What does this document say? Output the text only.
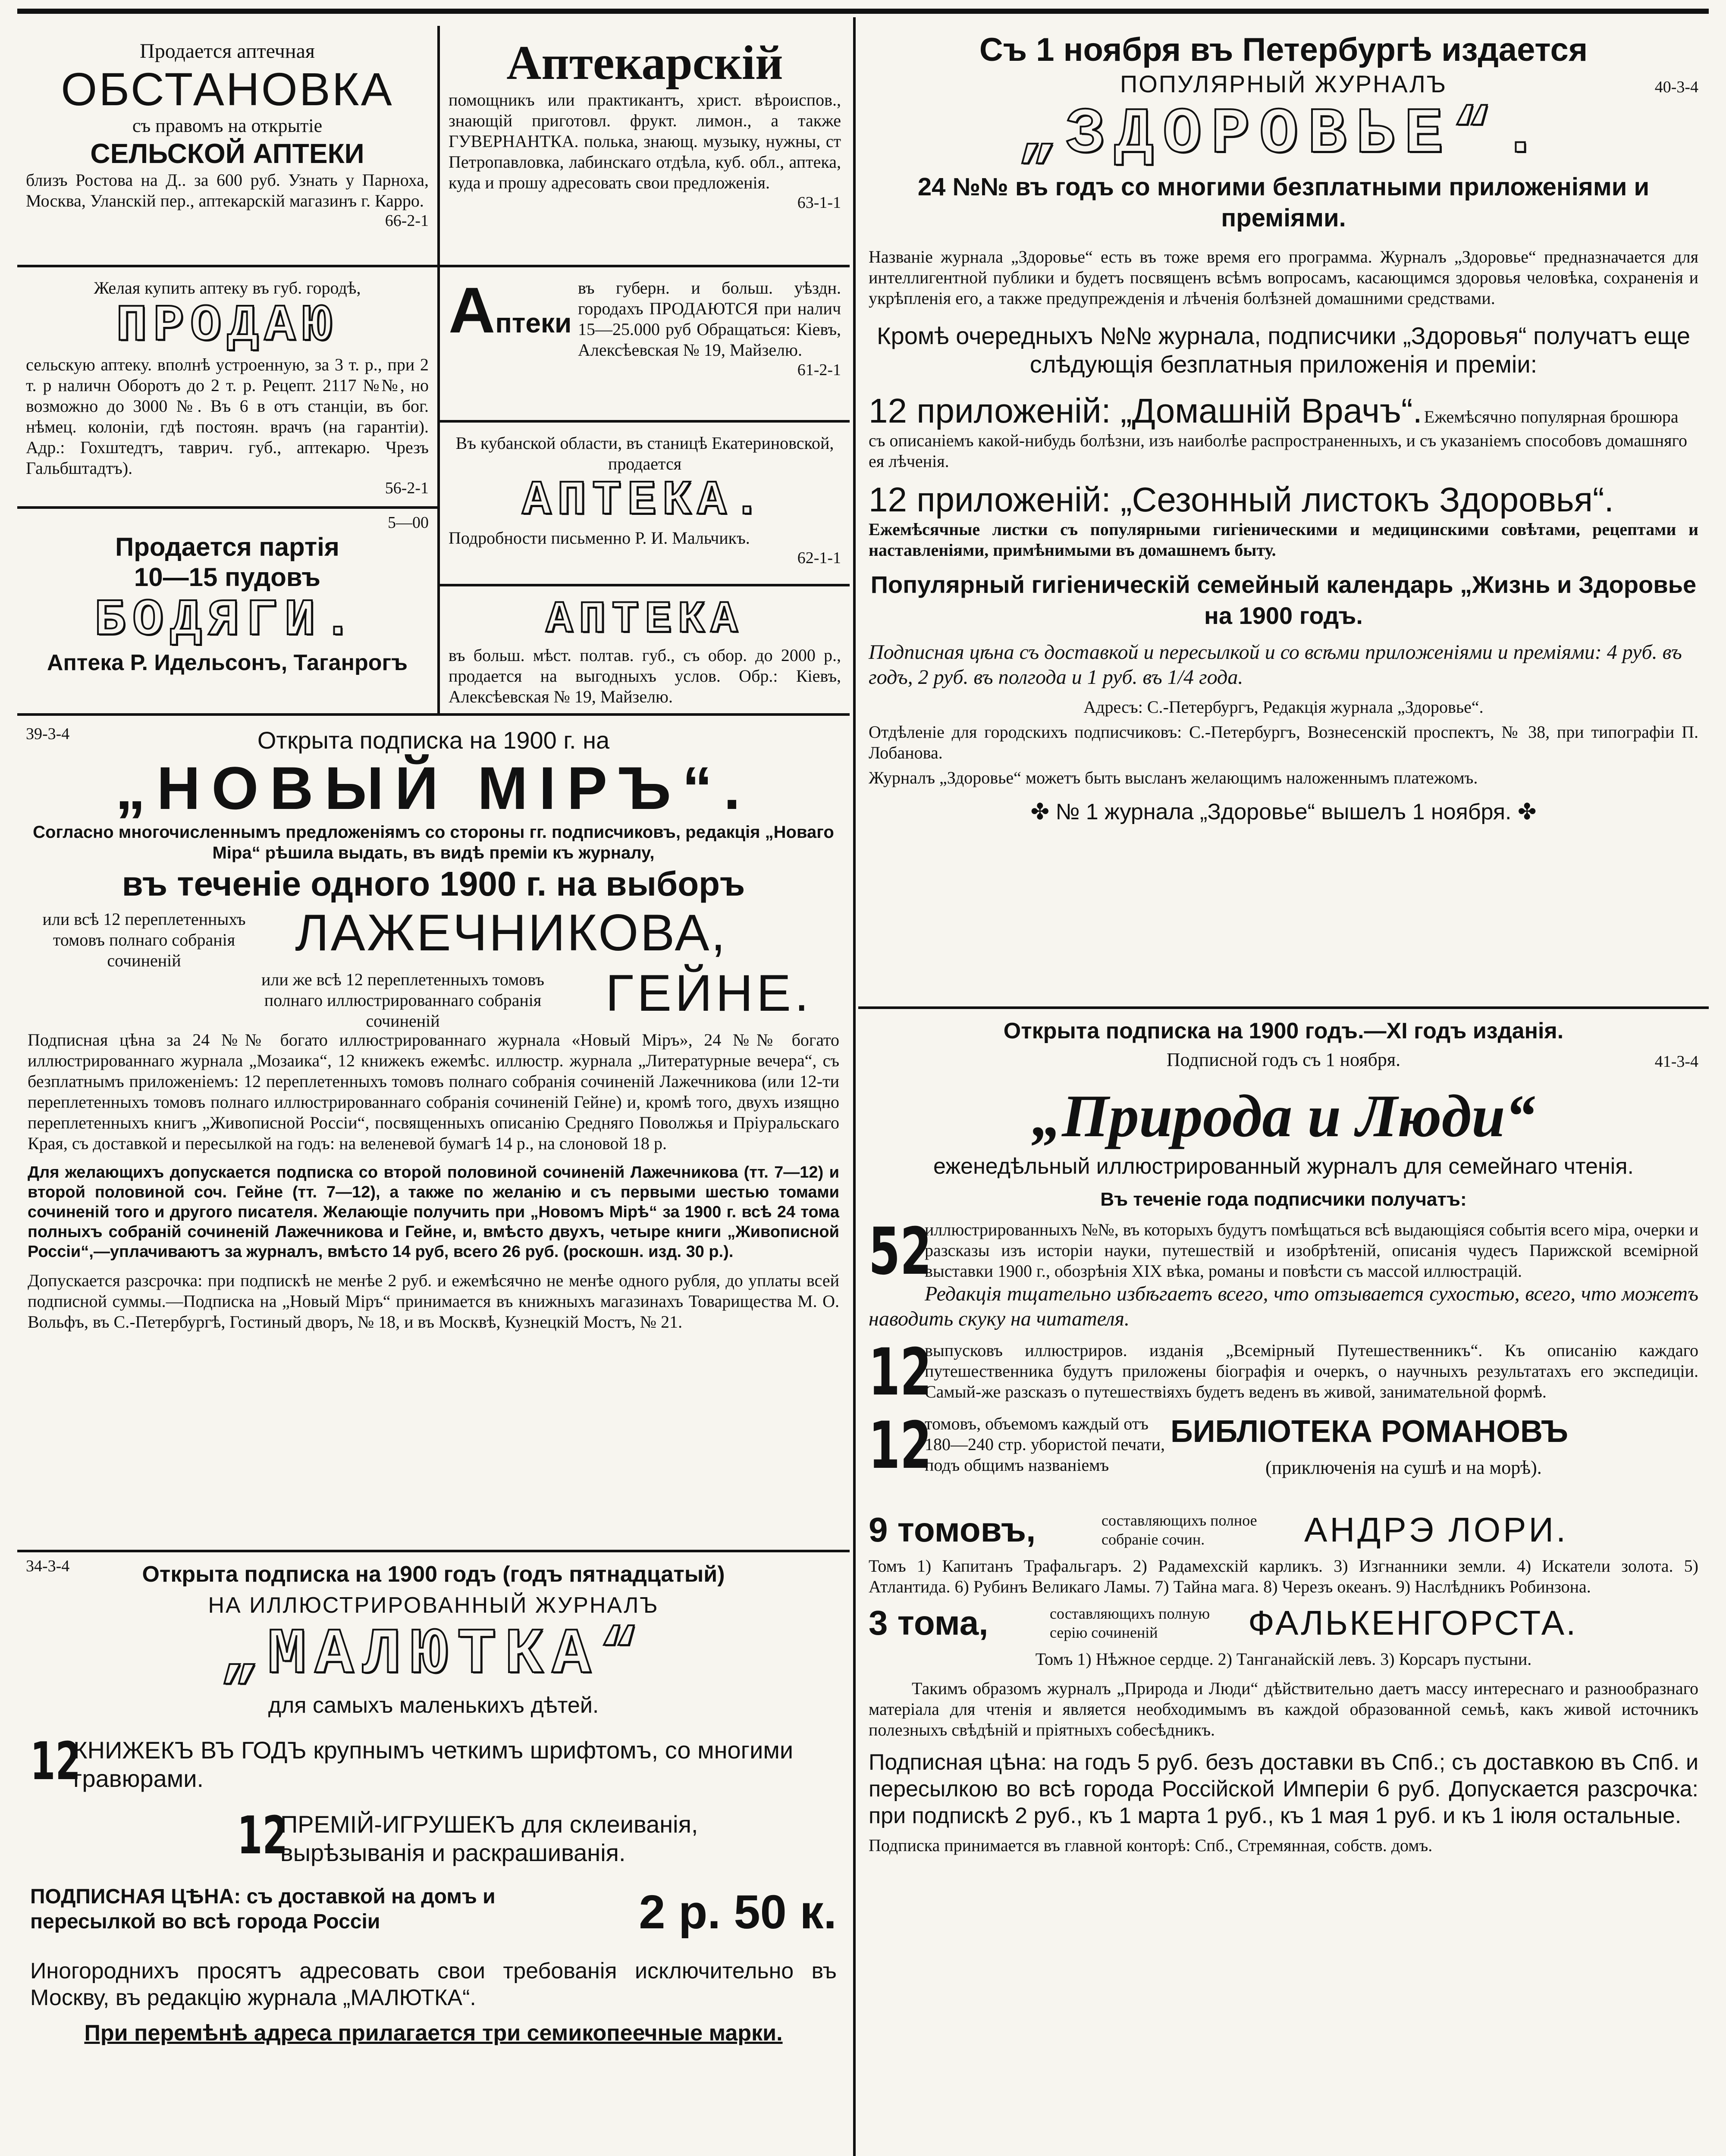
Продается аптечная

ОБСТАНОВКА

съ правомъ на открытіе

СЕЛЬСКОЙ АПТЕКИ

близъ Ростова на Д.. за 600 руб. Узнать у Парноха, Москва, Уланскій пер., аптекарскій магазинъ г. Карро.

66-2-1

Желая купить аптеку въ губ. городѣ,

ПРОДАЮ

сельскую аптеку. вполнѣ устроенную, за 3 т. р., при 2 т. р наличн Оборотъ до 2 т. р. Рецепт. 2117 №№, но возможно до 3000 №. Въ 6 в отъ станціи, въ бог. нѣмец. колоніи, гдѣ постоян. врачъ (на гарантіи). Адр.: Гохштедтъ, таврич. губ., аптекарю. Чрезъ Гальбштадтъ).

56-2-1

5—00

Продается партія

10—15 пудовъ

БОДЯГИ.

Аптека Р. Идельсонъ, Таганрогъ

Аптекарскій

помощникъ или практикантъ, христ. вѣроиспов., знающій приготовл. фрукт. лимон., а также ГУВЕРНАНТКА. полька, знающ. музыку, нужны, ст Петропавловка, лабинскаго отдѣла, куб. обл., аптека, куда и прошу адресовать свои предложенія.

63-1-1

Аптеки

въ губерн. и больш. уѣздн. городахъ ПРОДАЮТСЯ при налич 15—25.000 руб Обращаться: Кіевъ, Алексѣевская № 19, Майзелю.

61-2-1

Въ кубанской области, въ станицѣ Екатериновской, продается

АПТЕКА.

Подробности письменно Р. И. Мальчикъ.

62-1-1

АПТЕКА

въ больш. мѣст. полтав. губ., съ обор. до 2000 р., продается на выгодныхъ услов. Обр.: Кіевъ, Алексѣевская № 19, Майзелю.

39-3-4	Открыта подписка на 1900 г. на

„НОВЫЙ МІРЪ“.

Согласно многочисленнымъ предложеніямъ со стороны гг. подписчиковъ, редакція „Новаго Міра“ рѣшила выдать, въ видѣ преміи къ журналу,

въ теченіе одного 1900 г. на выборъ

или всѣ 12 переплетенныхъ томовъ полнаго собранія сочиненій	ЛАЖЕЧНИКОВА,

или же всѣ 12 переплетенныхъ томовъ полнаго иллюстрированнаго собранія сочиненій	ГЕЙНЕ.

Подписная цѣна за 24 №№ богато иллюстрированнаго журнала «Новый Міръ», 24 №№ богато иллюстрированнаго журнала „Мозаика“, 12 книжекъ ежемѣс. иллюстр. журнала „Литературные вечера“, съ безплатнымъ приложеніемъ: 12 переплетенныхъ томовъ полнаго собранія сочиненій Лажечникова (или 12-ти переплетенныхъ томовъ полнаго иллюстрированнаго собранія сочиненій Гейне) и, кромѣ того, двухъ изящно переплетенныхъ книгъ „Живописной Россіи“, посвященныхъ описанію Средняго Поволжья и Пріуральскаго Края, съ доставкой и пересылкой на годъ: на веленевой бумагѣ 14 р., на слоновой 18 р.

Для желающихъ допускается подписка со второй половиной сочиненій Лажечникова (тт. 7—12) и второй половиной соч. Гейне (тт. 7—12), а также по желанію и съ первыми шестью томами сочиненій того и другого писателя. Желающіе получить при „Новомъ Мірѣ“ за 1900 г. всѣ 24 тома полныхъ собраній сочиненій Лажечникова и Гейне, и, вмѣсто двухъ, четыре книги „Живописной Россіи“,—уплачиваютъ за журналъ, вмѣсто 14 руб, всего 26 руб. (роскошн. изд. 30 р.).

Допускается разсрочка: при подпискѣ не менѣе 2 руб. и ежемѣсячно не менѣе одного рубля, до уплаты всей подписной суммы.—Подписка на „Новый Міръ“ принимается въ книжныхъ магазинахъ Товарищества М. О. Вольфъ, въ С.-Петербургѣ, Гостиный дворъ, № 18, и въ Москвѣ, Кузнецкій Мостъ, № 21.

34-3-4	Открыта подписка на 1900 годъ (годъ пятнадцатый)

НА ИЛЛЮСТРИРОВАННЫЙ ЖУРНАЛЪ

„МАЛЮТКА“

для самыхъ маленькихъ дѣтей.

12

КНИЖЕКЪ ВЪ ГОДЪ крупнымъ четкимъ шрифтомъ, со многими гравюрами.

12

ПРЕМІЙ-ИГРУШЕКЪ для склеиванія, вырѣзыванія и раскрашиванія.

ПОДПИСНАЯ ЦѢНА: съ доставкой на домъ и пересылкой во всѣ города Россіи	2 р. 50 к.

Иногороднихъ просятъ адресовать свои требованія исключительно въ Москву, въ редакцію журнала „МАЛЮТКА“.

При перемѣнѣ адреса прилагается три семикопеечные марки.

Съ 1 ноября въ Петербургѣ издается

ПОПУЛЯРНЫЙ ЖУРНАЛЪ	40-3-4

„ЗДОРОВЬЕ“.

24 №№ въ годъ со многими безплатными приложеніями и преміями.

Названіе журнала „Здоровье“ есть въ тоже время его программа. Журналъ „Здоровье“ предназначается для интеллигентной публики и будетъ посвященъ всѣмъ вопросамъ, касающимся здоровья человѣка, сохраненія и укрѣпленія его, а также предупрежденія и лѣченія болѣзней домашними средствами.

Кромѣ очередныхъ №№ журнала, подписчики „Здоровья“ получатъ еще слѣдующія безплатныя приложенія и преміи:

12 приложеній: „Домашній Врачъ“. Ежемѣсячно популярная брошюра съ описаніемъ какой-нибудь болѣзни, изъ наиболѣе распространенныхъ, и съ указаніемъ способовъ домашняго ея лѣченія.

12 приложеній: „Сезонный листокъ Здоровья“.

Ежемѣсячные листки съ популярными гигіеническими и медицинскими совѣтами, рецептами и наставленіями, примѣнимыми въ домашнемъ быту.

Популярный гигіеническій семейный календарь „Жизнь и Здоровье на 1900 годъ.

Подписная цѣна съ доставкой и пересылкой и со всѣми приложеніями и преміями: 4 руб. въ годъ, 2 руб. въ полгода и 1 руб. въ 1/4 года.

Адресъ: С.-Петербургъ, Редакція журнала „Здоровье“.

Отдѣленіе для городскихъ подписчиковъ: С.-Петербургъ, Вознесенскій проспектъ, № 38, при типографіи П. Лобанова.

Журналъ „Здоровье“ можетъ быть высланъ желающимъ наложеннымъ платежомъ.

✤ № 1 журнала „Здоровье“ вышелъ 1 ноября. ✤

Открыта подписка на 1900 годъ.—XI годъ изданія.

Подписной годъ съ 1 ноября.	41-3-4

„Природа и Люди“

еженедѣльный иллюстрированный журналъ для семейнаго чтенія.

Въ теченіе года подписчики получатъ:

52

иллюстрированныхъ №№, въ которыхъ будутъ помѣщаться всѣ выдающіяся событія всего міра, очерки и разсказы изъ исторіи науки, путешествій и изобрѣтеній, описанія чудесъ Парижской всемірной выставки 1900 г., обозрѣнія XIX вѣка, романы и повѣсти съ массой иллюстрацій.

Редакція тщательно избѣгаетъ всего, что отзывается сухостью, всего, что можетъ наводить скуку на читателя.

12

выпусковъ иллюстриров. изданія „Всемірный Путешественникъ“. Къ описанію каждаго путешественника будутъ приложены біографія и очеркъ, о научныхъ результатахъ его экспедиціи. Самый-же разсказъ о путешествіяхъ будетъ веденъ въ живой, занимательной формѣ.

12

томовъ, объемомъ каждый отъ 180—240 стр. убористой печати, подъ общимъ названіемъ

БИБЛІОТЕКА РОМАНОВЪ

(приключенія на сушѣ и на морѣ).

9 томовъ,	составляющихъ полное собраніе сочин.	АНДРЭ ЛОРИ.

Томъ 1) Капитанъ Трафальгаръ. 2) Радамехскій карликъ. 3) Изгнанники земли. 4) Искатели золота. 5) Атлантида. 6) Рубинъ Великаго Ламы. 7) Тайна мага. 8) Черезъ океанъ. 9) Наслѣдникъ Робинзона.

3 тома,	составляющихъ полную серію сочиненій	ФАЛЬКЕНГОРСТА.

Томъ 1) Нѣжное сердце. 2) Танганайскій левъ. 3) Корсаръ пустыни.

Такимъ образомъ журналъ „Природа и Люди“ дѣйствительно даетъ массу интереснаго и разнообразнаго матеріала для чтенія и является необходимымъ въ каждой образованной семьѣ, какъ живой источникъ полезныхъ свѣдѣній и пріятныхъ собесѣдникъ.

Подписная цѣна: на годъ 5 руб. безъ доставки въ Спб.; съ доставкою въ Спб. и пересылкою во всѣ города Россійской Имперіи 6 руб. Допускается разсрочка: при подпискѣ 2 руб., къ 1 марта 1 руб., къ 1 мая 1 руб. и къ 1 іюля остальные.

Подписка принимается въ главной конторѣ: Спб., Стремянная, собств. домъ.
